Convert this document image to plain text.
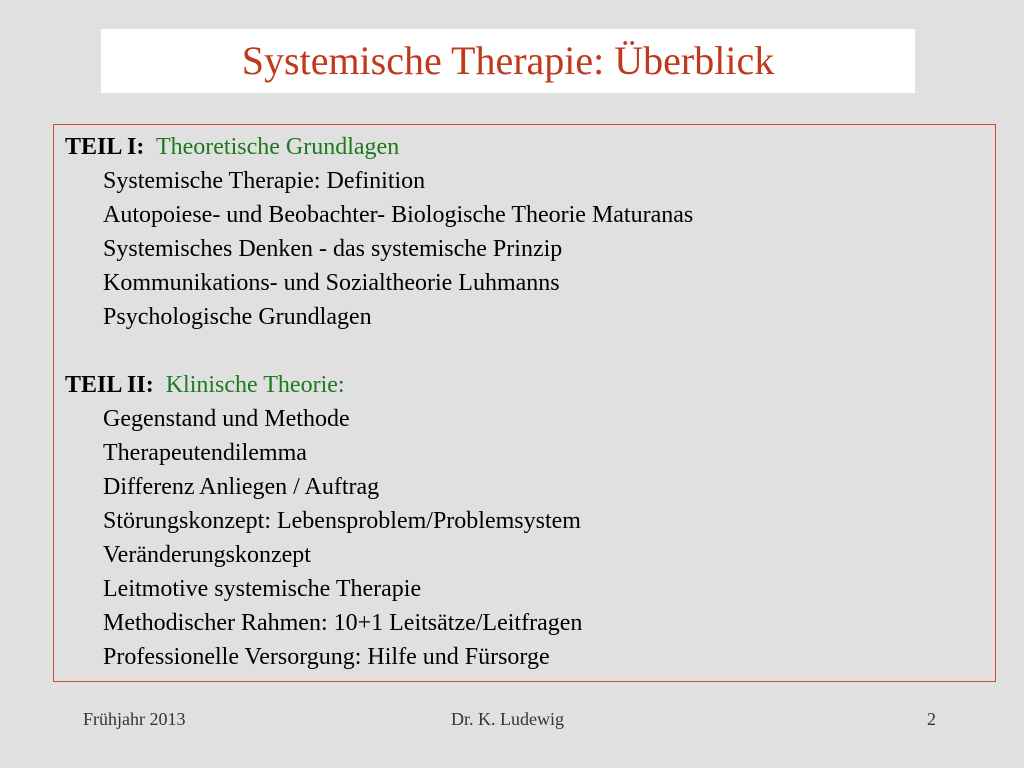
Systemische Therapie: Überblick
TEIL I: Theoretische Grundlagen
Systemische Therapie: Definition
Autopoiese- und Beobachter- Biologische Theorie Maturanas
Systemisches Denken - das systemische Prinzip
Kommunikations- und Sozialtheorie Luhmanns
Psychologische Grundlagen
TEIL II: Klinische Theorie:
Gegenstand und Methode
Therapeutendilemma
Differenz Anliegen / Auftrag
Störungskonzept: Lebensproblem/Problemsystem
Veränderungskonzept
Leitmotive systemische Therapie
Methodischer Rahmen: 10+1 Leitsätze/Leitfragen
Professionelle Versorgung: Hilfe und Fürsorge
Frühjahr 2013	Dr. K. Ludewig	2
